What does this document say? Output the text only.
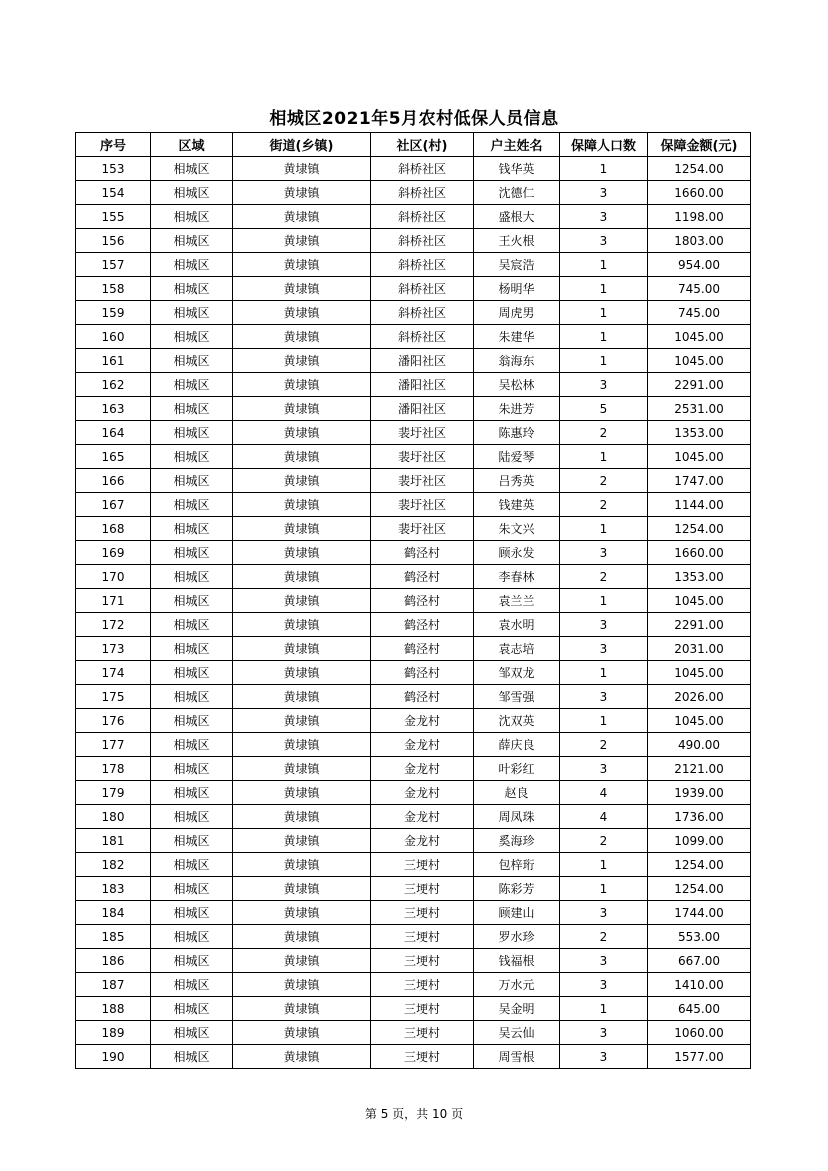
相城区2021年5月农村低保人员信息
序号	区域	街道(乡镇)	社区(村)	户主姓名	保障人口数	保障金额(元)
153	相城区	黄埭镇	斜桥社区	钱华英	1	1254.00
154	相城区	黄埭镇	斜桥社区	沈德仁	3	1660.00
155	相城区	黄埭镇	斜桥社区	盛根大	3	1198.00
156	相城区	黄埭镇	斜桥社区	王火根	3	1803.00
157	相城区	黄埭镇	斜桥社区	吴宸浩	1	954.00
158	相城区	黄埭镇	斜桥社区	杨明华	1	745.00
159	相城区	黄埭镇	斜桥社区	周虎男	1	745.00
160	相城区	黄埭镇	斜桥社区	朱建华	1	1045.00
161	相城区	黄埭镇	潘阳社区	翁海东	1	1045.00
162	相城区	黄埭镇	潘阳社区	吴松林	3	2291.00
163	相城区	黄埭镇	潘阳社区	朱进芳	5	2531.00
164	相城区	黄埭镇	裴圩社区	陈惠玲	2	1353.00
165	相城区	黄埭镇	裴圩社区	陆爱琴	1	1045.00
166	相城区	黄埭镇	裴圩社区	吕秀英	2	1747.00
167	相城区	黄埭镇	裴圩社区	钱建英	2	1144.00
168	相城区	黄埭镇	裴圩社区	朱文兴	1	1254.00
169	相城区	黄埭镇	鹤泾村	顾永发	3	1660.00
170	相城区	黄埭镇	鹤泾村	李春林	2	1353.00
171	相城区	黄埭镇	鹤泾村	袁兰兰	1	1045.00
172	相城区	黄埭镇	鹤泾村	袁水明	3	2291.00
173	相城区	黄埭镇	鹤泾村	袁志培	3	2031.00
174	相城区	黄埭镇	鹤泾村	邹双龙	1	1045.00
175	相城区	黄埭镇	鹤泾村	邹雪强	3	2026.00
176	相城区	黄埭镇	金龙村	沈双英	1	1045.00
177	相城区	黄埭镇	金龙村	薛庆良	2	490.00
178	相城区	黄埭镇	金龙村	叶彩红	3	2121.00
179	相城区	黄埭镇	金龙村	赵良	4	1939.00
180	相城区	黄埭镇	金龙村	周凤珠	4	1736.00
181	相城区	黄埭镇	金龙村	奚海珍	2	1099.00
182	相城区	黄埭镇	三埂村	包梓珩	1	1254.00
183	相城区	黄埭镇	三埂村	陈彩芳	1	1254.00
184	相城区	黄埭镇	三埂村	顾建山	3	1744.00
185	相城区	黄埭镇	三埂村	罗水珍	2	553.00
186	相城区	黄埭镇	三埂村	钱福根	3	667.00
187	相城区	黄埭镇	三埂村	万水元	3	1410.00
188	相城区	黄埭镇	三埂村	吴金明	1	645.00
189	相城区	黄埭镇	三埂村	吴云仙	3	1060.00
190	相城区	黄埭镇	三埂村	周雪根	3	1577.00
第 5 页，共 10 页
